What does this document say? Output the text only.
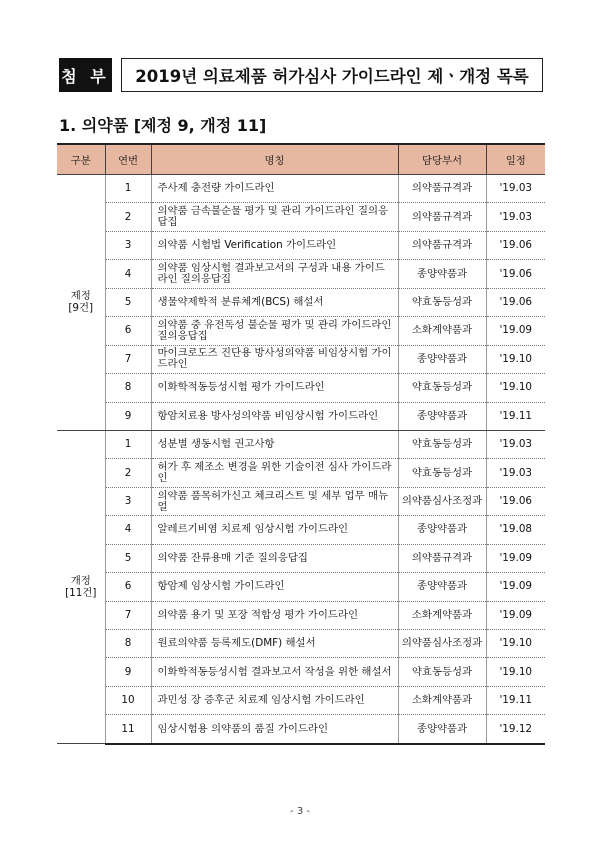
첨 부	2019년 의료제품 허가심사 가이드라인 제ㆍ개정 목록
1. 의약품 [제정 9, 개정 11]
구분	연번	명칭	담당부서	일정

제정
[9건]	1	주사제 충전량 가이드라인	의약품규격과	'19.03
	2	의약품 금속불순물 평가 및 관리 가이드라인 질의응답집	의약품규격과	'19.03
	3	의약품 시험법 Verification 가이드라인	의약품규격과	'19.06
	4	의약품 임상시험 결과보고서의 구성과 내용 가이드라인 질의응답집	종양약품과	'19.06
	5	생물약제학적 분류체계(BCS) 해설서	약효동등성과	'19.06
	6	의약품 중 유전독성 불순물 평가 및 관리 가이드라인 질의응답집	소화계약품과	'19.09
	7	마이크로도즈 진단용 방사성의약품 비임상시험 가이드라인	종양약품과	'19.10
	8	이화학적동등성시험 평가 가이드라인	약효동등성과	'19.10
	9	항암치료용 방사성의약품 비임상시험 가이드라인	종양약품과	'19.11

개정
[11건]	1	성분별 생동시험 권고사항	약효동등성과	'19.03
	2	허가 후 제조소 변경을 위한 기술이전 심사 가이드라인	약효동등성과	'19.03
	3	의약품 품목허가신고 체크리스트 및 세부 업무 매뉴얼	의약품심사조정과	'19.06
	4	알레르기비염 치료제 임상시험 가이드라인	종양약품과	'19.08
	5	의약품 잔류용매 기준 질의응답집	의약품규격과	'19.09
	6	항암제 임상시험 가이드라인	종양약품과	'19.09
	7	의약품 용기 및 포장 적합성 평가 가이드라인	소화계약품과	'19.09
	8	원료의약품 등록제도(DMF) 해설서	의약품심사조정과	'19.10
	9	이화학적동등성시험 결과보고서 작성을 위한 해설서	약효동등성과	'19.10
	10	과민성 장 증후군 치료제 임상시험 가이드라인	소화계약품과	'19.11
	11	임상시험용 의약품의 품질 가이드라인	종양약품과	'19.12
- 3 -
